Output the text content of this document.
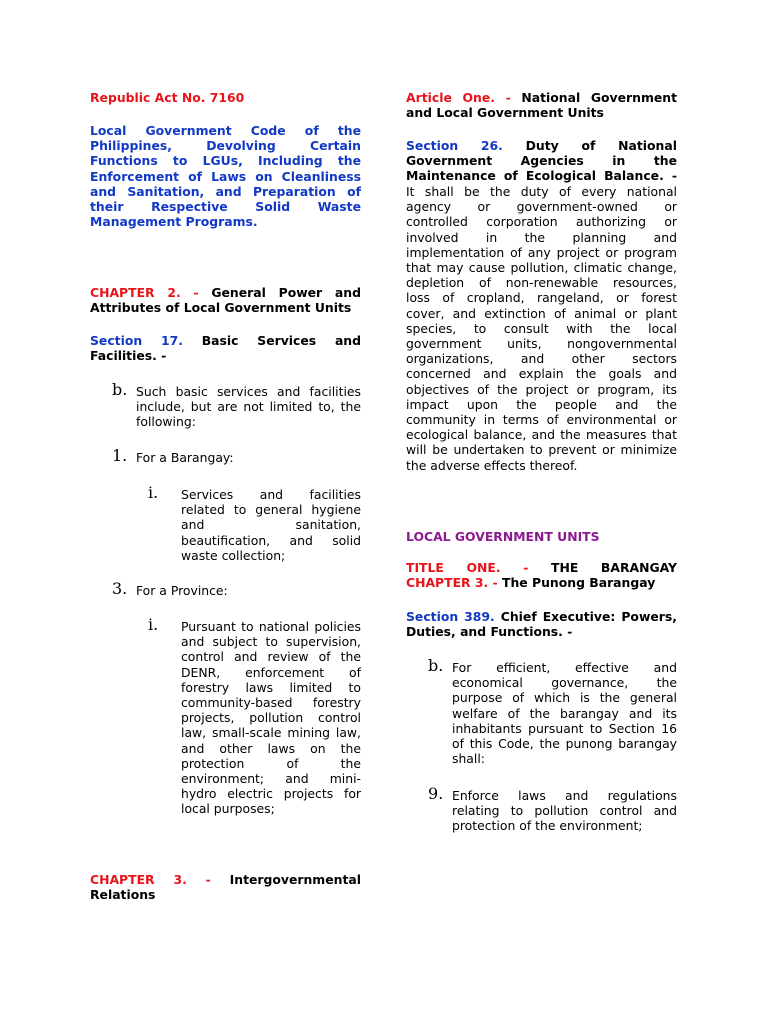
Republic Act No. 7160
Local Government Code of the
Philippines, Devolving Certain
Functions to LGUs, Including the
Enforcement of Laws on Cleanliness
and Sanitation, and Preparation of
their Respective Solid Waste
Management Programs.
CHAPTER 2. - General Power and
Attributes of Local Government Units
Section 17. Basic Services and
Facilities. -
b. Such basic services and facilities
include, but are not limited to, the
following:
1. For a Barangay:
i. Services and facilities
related to general hygiene
and sanitation,
beautification, and solid
waste collection;
3. For a Province:
i. Pursuant to national policies
and subject to supervision,
control and review of the
DENR, enforcement of
forestry laws limited to
community-based forestry
projects, pollution control
law, small-scale mining law,
and other laws on the
protection of the
environment; and mini-
hydro electric projects for
local purposes;
CHAPTER 3. - Intergovernmental
Relations
Article One. - National Government
and Local Government Units
Section 26. Duty of National
Government Agencies in the
Maintenance of Ecological Balance. -
It shall be the duty of every national
agency or government-owned or
controlled corporation authorizing or
involved in the planning and
implementation of any project or program
that may cause pollution, climatic change,
depletion of non-renewable resources,
loss of cropland, rangeland, or forest
cover, and extinction of animal or plant
species, to consult with the local
government units, nongovernmental
organizations, and other sectors
concerned and explain the goals and
objectives of the project or program, its
impact upon the people and the
community in terms of environmental or
ecological balance, and the measures that
will be undertaken to prevent or minimize
the adverse effects thereof.
LOCAL GOVERNMENT UNITS
TITLE ONE. - THE BARANGAY
CHAPTER 3. - The Punong Barangay
Section 389. Chief Executive: Powers,
Duties, and Functions. -
b. For efficient, effective and
economical governance, the
purpose of which is the general
welfare of the barangay and its
inhabitants pursuant to Section 16
of this Code, the punong barangay
shall:
9. Enforce laws and regulations
relating to pollution control and
protection of the environment;
